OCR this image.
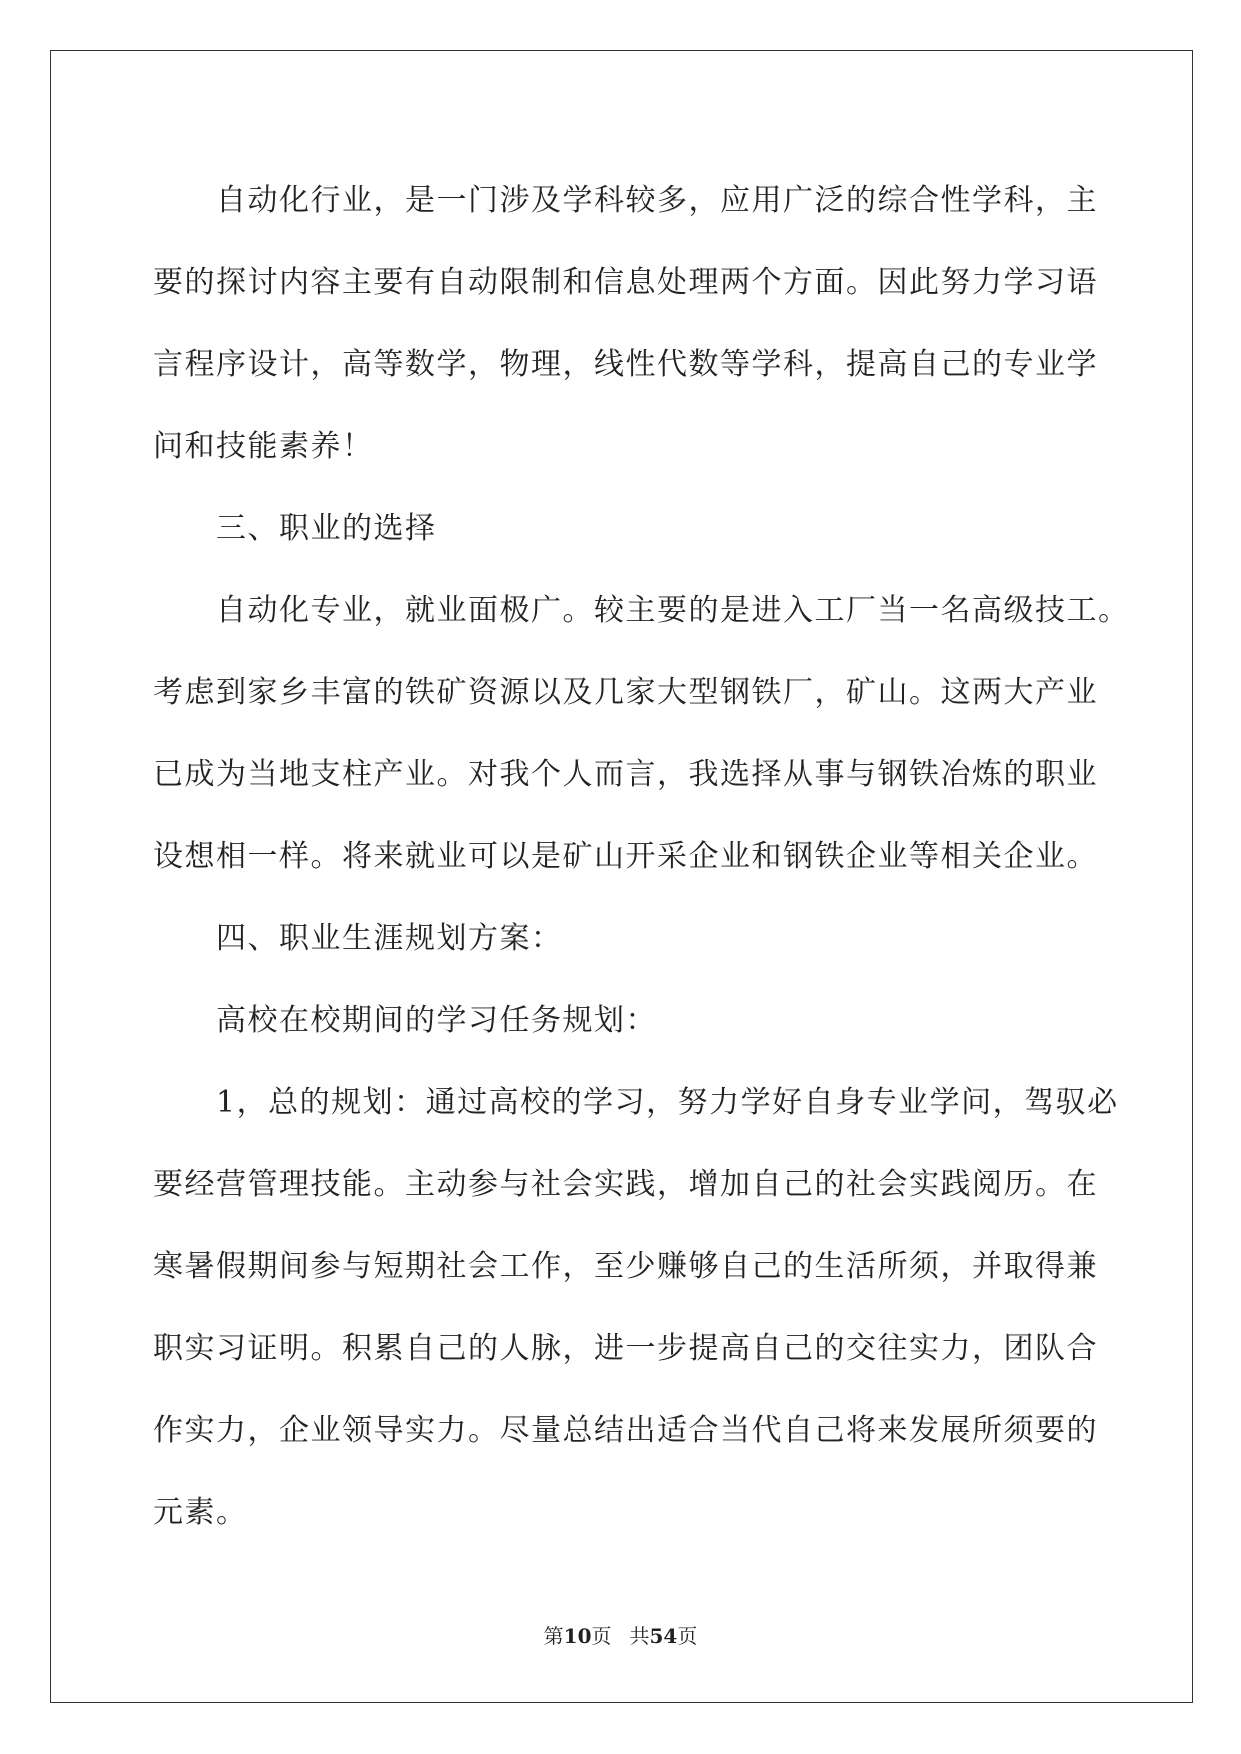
自动化行业，是一门涉及学科较多，应用广泛的综合性学科，主
要的探讨内容主要有自动限制和信息处理两个方面。因此努力学习语
言程序设计，高等数学，物理，线性代数等学科，提高自己的专业学
问和技能素养！
三、职业的选择
自动化专业，就业面极广。较主要的是进入工厂当一名高级技工。
考虑到家乡丰富的铁矿资源以及几家大型钢铁厂，矿山。这两大产业
已成为当地支柱产业。对我个人而言，我选择从事与钢铁冶炼的职业
设想相一样。将来就业可以是矿山开采企业和钢铁企业等相关企业。
四、职业生涯规划方案：
高校在校期间的学习任务规划：
1，总的规划：通过高校的学习，努力学好自身专业学问，驾驭必
要经营管理技能。主动参与社会实践，增加自己的社会实践阅历。在
寒暑假期间参与短期社会工作，至少赚够自己的生活所须，并取得兼
职实习证明。积累自己的人脉，进一步提高自己的交往实力，团队合
作实力，企业领导实力。尽量总结出适合当代自己将来发展所须要的
元素。
第10页 共54页
